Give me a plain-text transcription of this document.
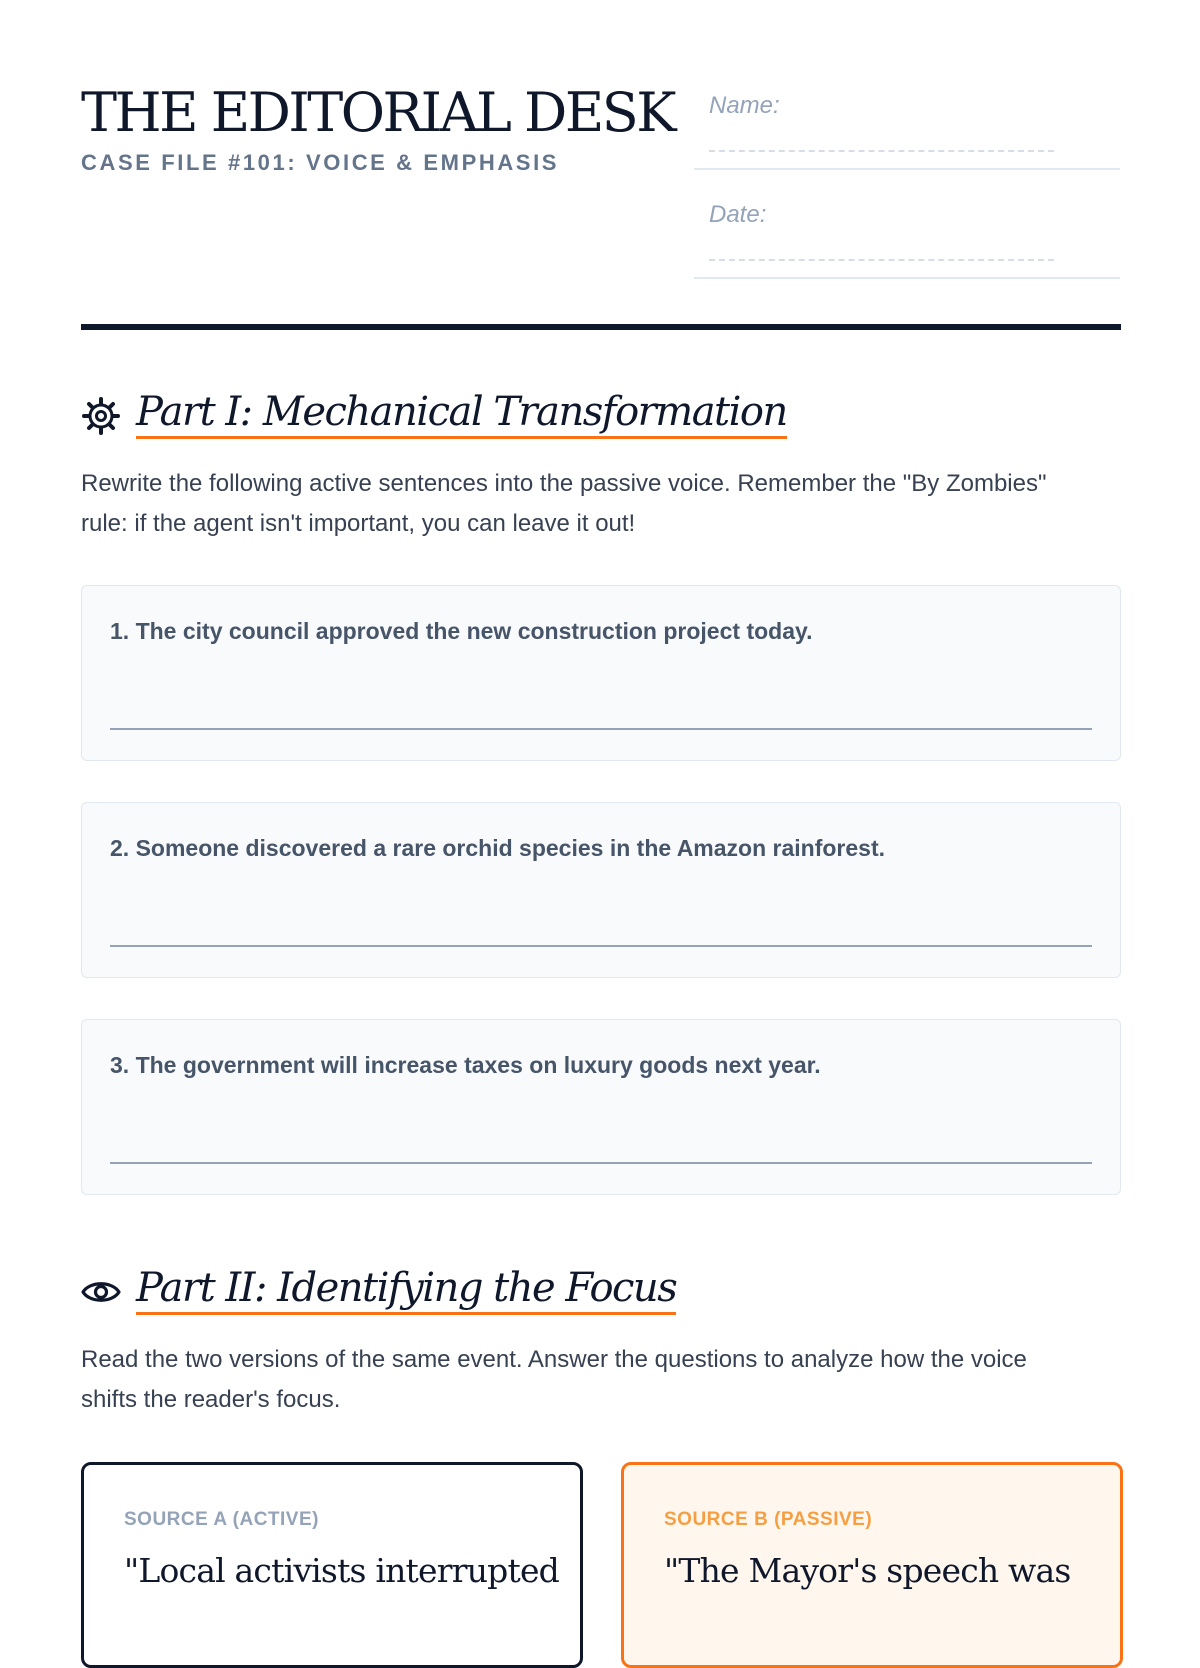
THE EDITORIAL DESK
CASE FILE #101: VOICE & EMPHASIS
Name:
Date:
Part I: Mechanical Transformation

Rewrite the following active sentences into the passive voice. Remember the "By Zombies" rule: if the agent isn't important, you can leave it out!

1. The city council approved the new construction project today.
2. Someone discovered a rare orchid species in the Amazon rainforest.
3. The government will increase taxes on luxury goods next year.
Part II: Identifying the Focus

Read the two versions of the same event. Answer the questions to analyze how the voice shifts the reader's focus.

SOURCE A (ACTIVE)
"Local activists interrupted
SOURCE B (PASSIVE)
"The Mayor's speech was
